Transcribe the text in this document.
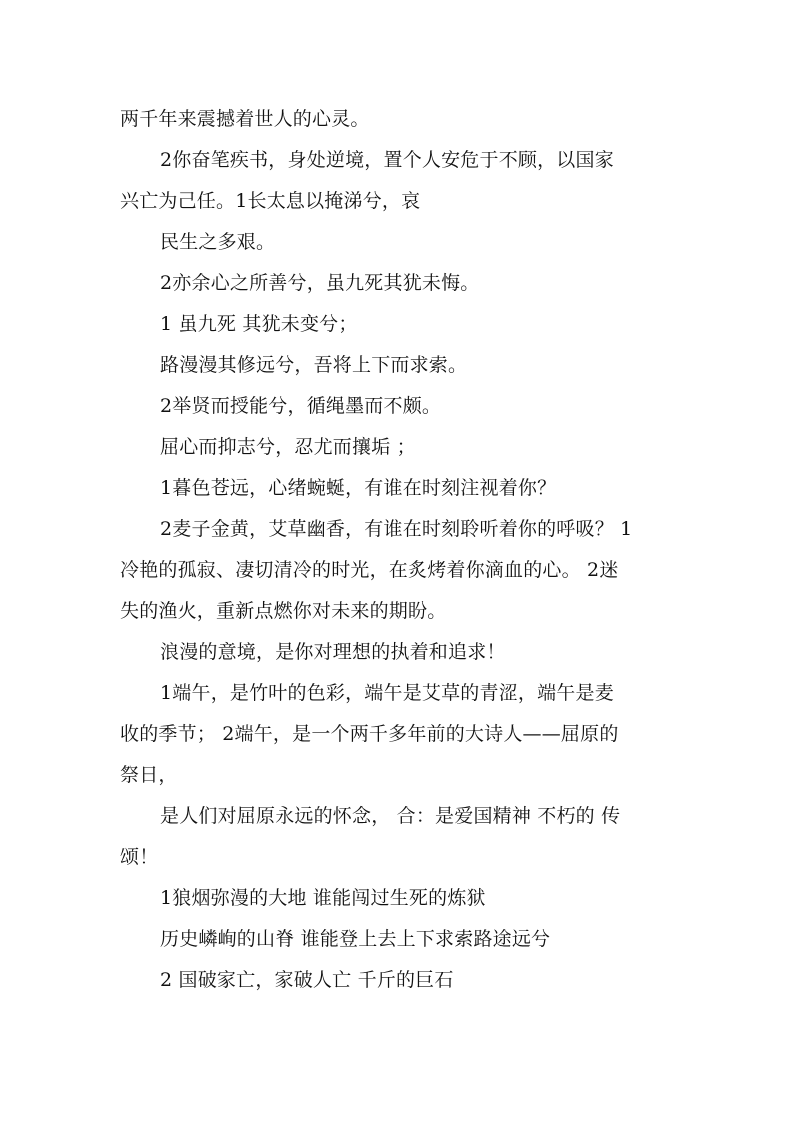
两千年来震撼着世人的心灵。
2你奋笔疾书，身处逆境，置个人安危于不顾，以国家
兴亡为己任。1长太息以掩涕兮，哀
民生之多艰。
2亦余心之所善兮，虽九死其犹未悔。
1 虽九死 其犹未变兮；
路漫漫其修远兮，吾将上下而求索。
2举贤而授能兮，循绳墨而不颇。
屈心而抑志兮，忍尤而攘垢 ；
1暮色苍远，心绪蜿蜒，有谁在时刻注视着你？
2麦子金黄，艾草幽香，有谁在时刻聆听着你的呼吸？ 1
冷艳的孤寂、凄切清冷的时光，在炙烤着你滴血的心。 2迷
失的渔火，重新点燃你对未来的期盼。
浪漫的意境，是你对理想的执着和追求！
1端午，是竹叶的色彩，端午是艾草的青涩，端午是麦
收的季节； 2端午，是一个两千多年前的大诗人——屈原的
祭日，
是人们对屈原永远的怀念， 合：是爱国精神 不朽的 传
颂！
1狼烟弥漫的大地 谁能闯过生死的炼狱
历史嶙峋的山脊 谁能登上去上下求索路途远兮
2 国破家亡，家破人亡 千斤的巨石
